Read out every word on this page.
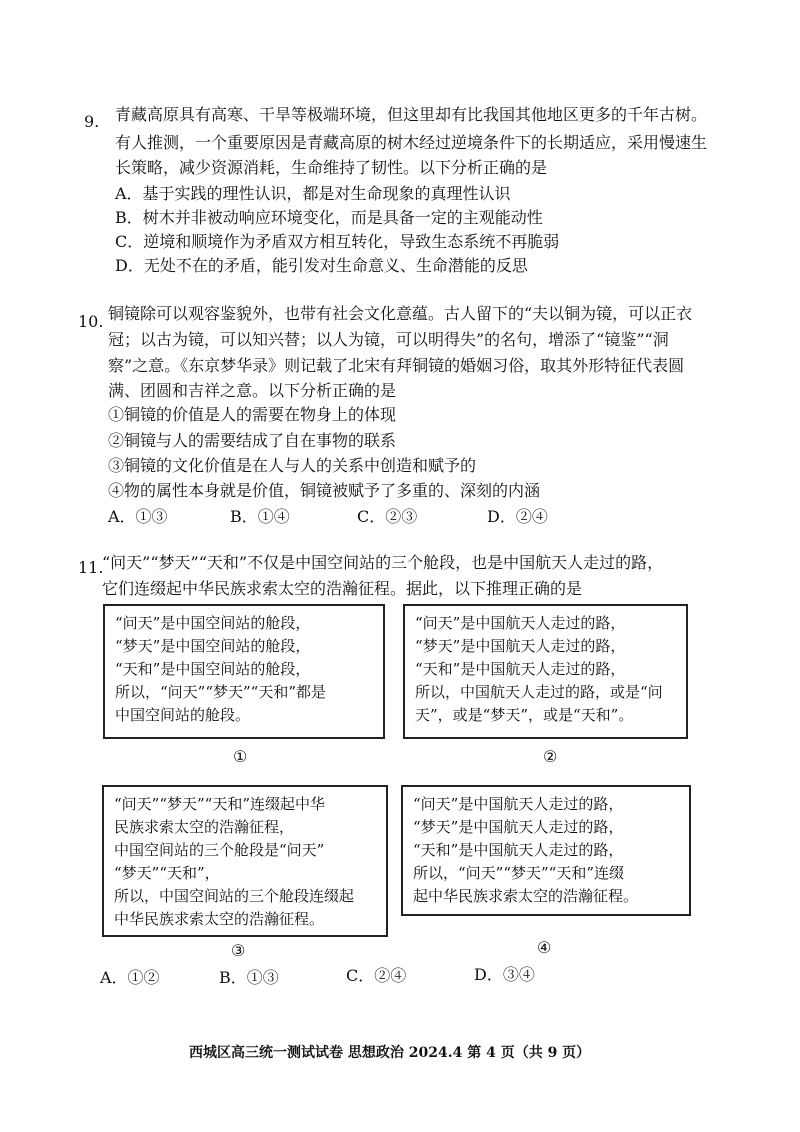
9. 青藏高原具有高寒、干旱等极端环境，但这里却有比我国其他地区更多的千年古树。
有人推测，一个重要原因是青藏高原的树木经过逆境条件下的长期适应，采用慢速生
长策略，减少资源消耗，生命维持了韧性。以下分析正确的是
A．基于实践的理性认识，都是对生命现象的真理性认识
B．树木并非被动响应环境变化，而是具备一定的主观能动性
C．逆境和顺境作为矛盾双方相互转化，导致生态系统不再脆弱
D．无处不在的矛盾，能引发对生命意义、生命潜能的反思
10. 铜镜除可以观容鉴貌外，也带有社会文化意蕴。古人留下的“夫以铜为镜，可以正衣
冠；以古为镜，可以知兴替；以人为镜，可以明得失”的名句，增添了“镜鉴”“洞
察”之意。《东京梦华录》则记载了北宋有拜铜镜的婚姻习俗，取其外形特征代表圆
满、团圆和吉祥之意。以下分析正确的是
①铜镜的价值是人的需要在物身上的体现
②铜镜与人的需要结成了自在事物的联系
③铜镜的文化价值是在人与人的关系中创造和赋予的
④物的属性本身就是价值，铜镜被赋予了多重的、深刻的内涵
A．①③	B．①④	C．②③	D．②④
11.
“问天”“梦天”“天和”不仅是中国空间站的三个舱段，也是中国航天人走过的路，
它们连缀起中华民族求索太空的浩瀚征程。据此，以下推理正确的是
“问天”是中国空间站的舱段，
“梦天”是中国空间站的舱段，
“天和”是中国空间站的舱段，
所以，“问天”“梦天”“天和”都是
中国空间站的舱段。
①
“问天”是中国航天人走过的路，
“梦天”是中国航天人走过的路，
“天和”是中国航天人走过的路，
所以，中国航天人走过的路，或是“问
天”，或是“梦天”，或是“天和”。
②
“问天”“梦天”“天和”连缀起中华
民族求索太空的浩瀚征程，
中国空间站的三个舱段是“问天”
“梦天”“天和”，
所以，中国空间站的三个舱段连缀起
中华民族求索太空的浩瀚征程。
③
“问天”是中国航天人走过的路，
“梦天”是中国航天人走过的路，
“天和”是中国航天人走过的路，
所以，“问天”“梦天”“天和”连缀
起中华民族求索太空的浩瀚征程。
④
A．①②	B．①③	C．②④	D．③④
西城区高三统一测试试卷 思想政治 2024.4 第 4 页（共 9 页）
